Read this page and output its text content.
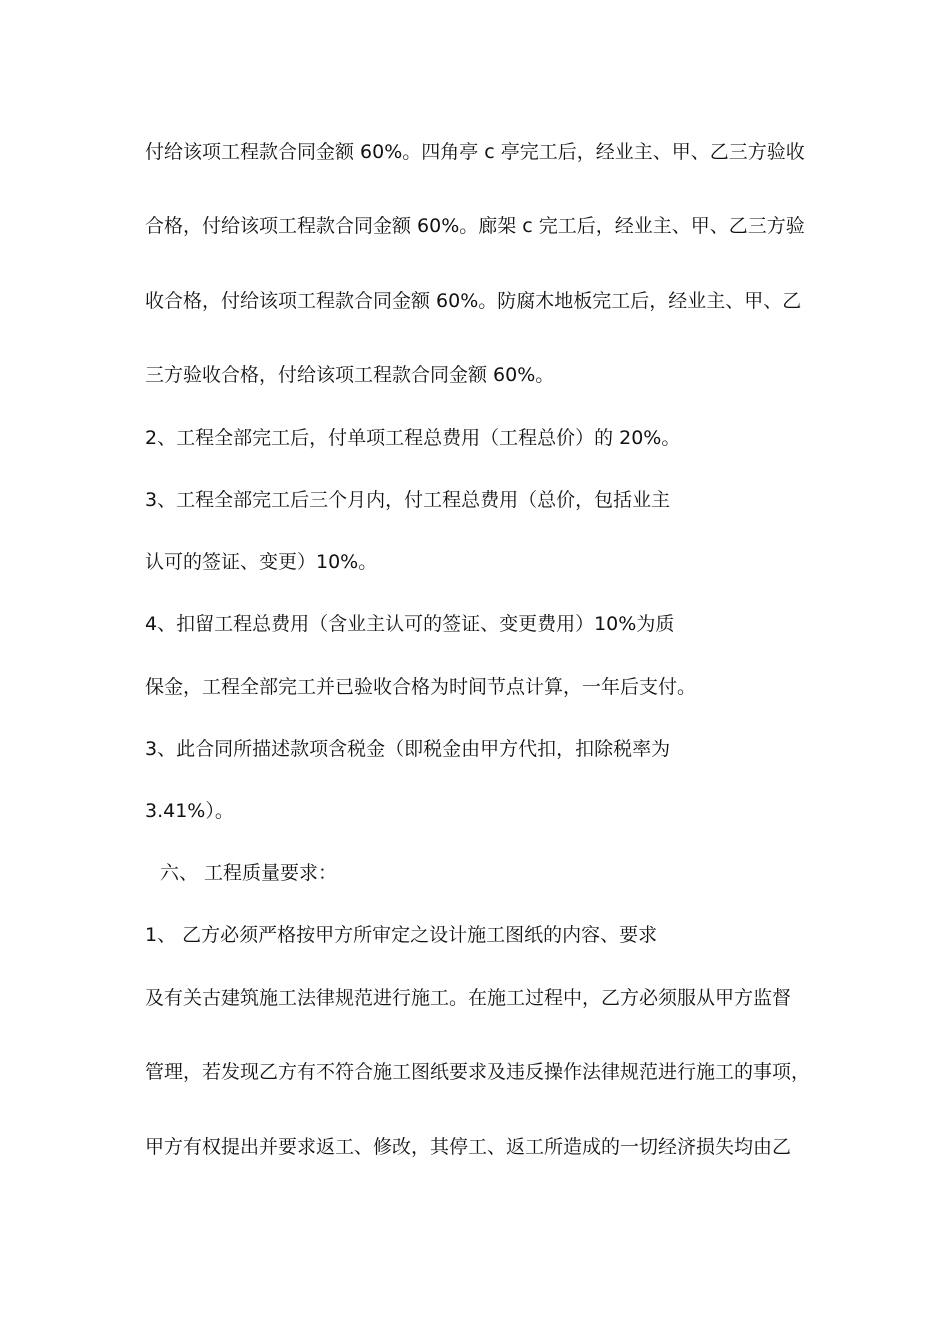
付给该项工程款合同金额 60%。四角亭 c 亭完工后，经业主、甲、乙三方验收
合格，付给该项工程款合同金额 60%。廊架 c 完工后，经业主、甲、乙三方验
收合格，付给该项工程款合同金额 60%。防腐木地板完工后，经业主、甲、乙
三方验收合格，付给该项工程款合同金额 60%。
2、工程全部完工后，付单项工程总费用（工程总价）的 20%。
3、工程全部完工后三个月内，付工程总费用（总价，包括业主
认可的签证、变更）10%。
4、扣留工程总费用（含业主认可的签证、变更费用）10%为质
保金，工程全部完工并已验收合格为时间节点计算，一年后支付。
3、此合同所描述款项含税金（即税金由甲方代扣，扣除税率为
3.41%）。
六、 工程质量要求：
1、 乙方必须严格按甲方所审定之设计施工图纸的内容、要求
及有关古建筑施工法律规范进行施工。在施工过程中，乙方必须服从甲方监督
管理，若发现乙方有不符合施工图纸要求及违反操作法律规范进行施工的事项，
甲方有权提出并要求返工、修改，其停工、返工所造成的一切经济损失均由乙
